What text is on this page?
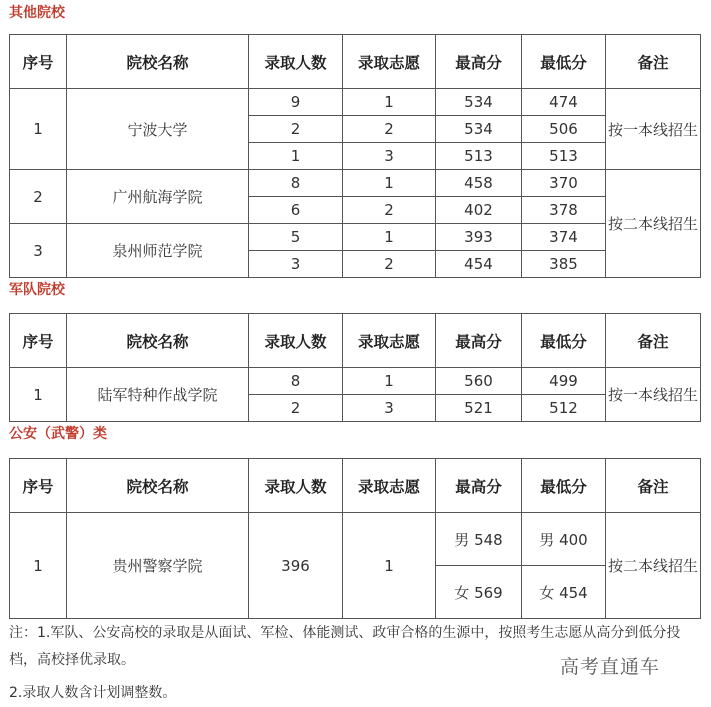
其他院校
序号	院校名称	录取人数	录取志愿	最高分	最低分	备注
1	宁波大学	9	1	534	474	按一本线招生
		2	2	534	506	
		1	3	513	513	
2	广州航海学院	8	1	458	370	按二本线招生
		6	2	402	378	
3	泉州师范学院	5	1	393	374	
		3	2	454	385	
军队院校
序号	院校名称	录取人数	录取志愿	最高分	最低分	备注
1	陆军特种作战学院	8	1	560	499	按一本线招生
		2	3	521	512	
公安（武警）类
序号	院校名称	录取人数	录取志愿	最高分	最低分	备注
1	贵州警察学院	396	1	男 548	男 400	按二本线招生
				女 569	女 454	
注：1.军队、公安高校的录取是从面试、军检、体能测试、政审合格的生源中，按照考生志愿从高分到低分投档，高校择优录取。
2.录取人数含计划调整数。
高考直通车
